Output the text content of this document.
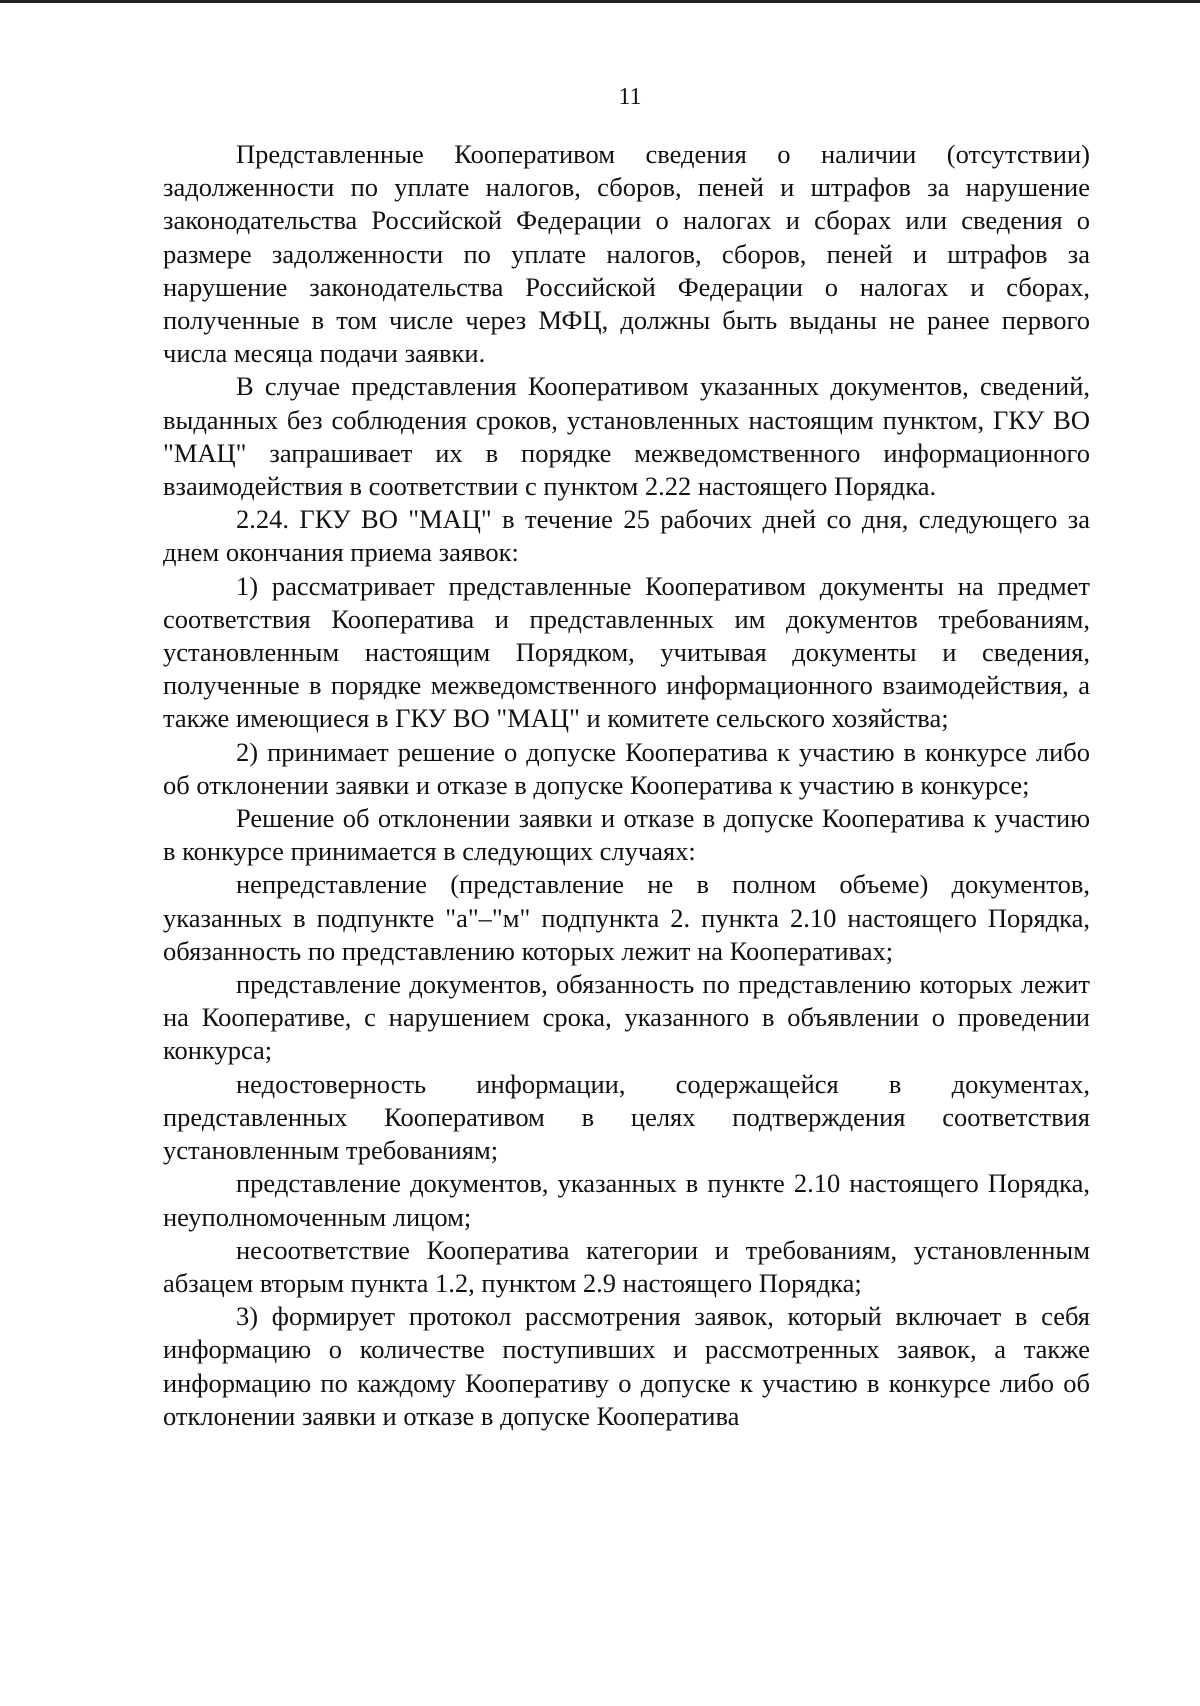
11

Представленные Кооперативом сведения о наличии (отсутствии) задолженности по уплате налогов, сборов, пеней и штрафов за нарушение законодательства Российской Федерации о налогах и сборах или сведения о размере задолженности по уплате налогов, сборов, пеней и штрафов за нарушение законодательства Российской Федерации о налогах и сборах, полученные в том числе через МФЦ, должны быть выданы не ранее первого числа месяца подачи заявки.

В случае представления Кооперативом указанных документов, сведений, выданных без соблюдения сроков, установленных настоящим пунктом, ГКУ ВО "МАЦ" запрашивает их в порядке межведомственного информационного взаимодействия в соответствии с пунктом 2.22 настоящего Порядка.

2.24. ГКУ ВО "МАЦ" в течение 25 рабочих дней со дня, следующего за днем окончания приема заявок:

1) рассматривает представленные Кооперативом документы на предмет соответствия Кооператива и представленных им документов требованиям, установленным настоящим Порядком, учитывая документы и сведения, полученные в порядке межведомственного информационного взаимодействия, а также имеющиеся в ГКУ ВО "МАЦ" и комитете сельского хозяйства;

2) принимает решение о допуске Кооператива к участию в конкурсе либо об отклонении заявки и отказе в допуске Кооператива к участию в конкурсе;

Решение об отклонении заявки и отказе в допуске Кооператива к участию в конкурсе принимается в следующих случаях:

непредставление (представление не в полном объеме) документов, указанных в подпункте "а"–"м" подпункта 2. пункта 2.10 настоящего Порядка, обязанность по представлению которых лежит на Кооперативах;

представление документов, обязанность по представлению которых лежит на Кооперативе, с нарушением срока, указанного в объявлении о проведении конкурса;

недостоверность информации, содержащейся в документах, представленных Кооперативом в целях подтверждения соответствия установленным требованиям;

представление документов, указанных в пункте 2.10 настоящего Порядка, неуполномоченным лицом;

несоответствие Кооператива категории и требованиям, установленным абзацем вторым пункта 1.2, пунктом 2.9 настоящего Порядка;

3) формирует протокол рассмотрения заявок, который включает в себя информацию о количестве поступивших и рассмотренных заявок, а также информацию по каждому Кооперативу о допуске к участию в конкурсе либо об отклонении заявки и отказе в допуске Кооператива
